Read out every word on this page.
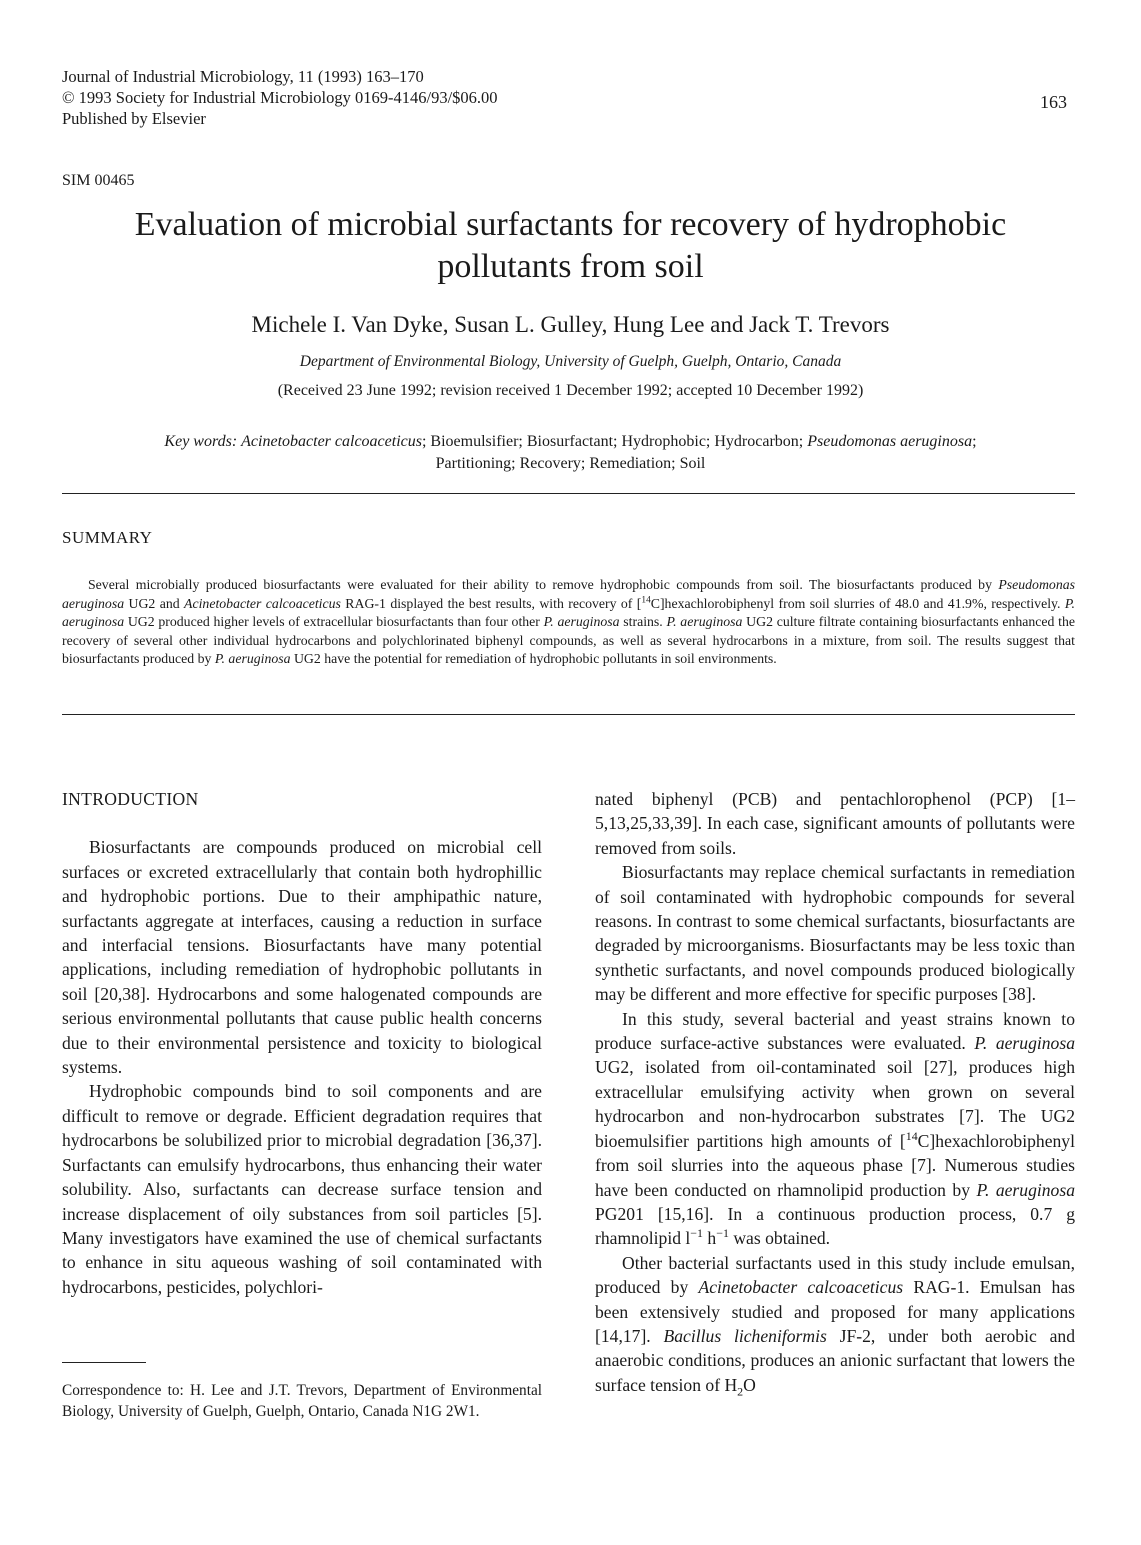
Journal of Industrial Microbiology, 11 (1993) 163–170
© 1993 Society for Industrial Microbiology 0169-4146/93/$06.00
Published by Elsevier
163
SIM 00465
Evaluation of microbial surfactants for recovery of hydrophobic
pollutants from soil
Michele I. Van Dyke, Susan L. Gulley, Hung Lee and Jack T. Trevors
Department of Environmental Biology, University of Guelph, Guelph, Ontario, Canada
(Received 23 June 1992; revision received 1 December 1992; accepted 10 December 1992)
Key words: Acinetobacter calcoaceticus; Bioemulsifier; Biosurfactant; Hydrophobic; Hydrocarbon; Pseudomonas aeruginosa;
Partitioning; Recovery; Remediation; Soil
SUMMARY
Several microbially produced biosurfactants were evaluated for their ability to remove hydrophobic compounds from soil. The biosurfactants produced by Pseudomonas aeruginosa UG2 and Acinetobacter calcoaceticus RAG-1 displayed the best results, with recovery of [$^{14}$C]hexachlorobiphenyl from soil slurries of 48.0 and 41.9%, respectively. P. aeruginosa UG2 produced higher levels of extracellular biosurfactants than four other P. aeruginosa strains. P. aeruginosa UG2 culture filtrate containing biosurfactants enhanced the recovery of several other individual hydrocarbons and polychlorinated biphenyl compounds, as well as several hydrocarbons in a mixture, from soil. The results suggest that biosurfactants produced by P. aeruginosa UG2 have the potential for remediation of hydrophobic pollutants in soil environments.
INTRODUCTION

Biosurfactants are compounds produced on microbial cell surfaces or excreted extracellularly that contain both hydrophillic and hydrophobic portions. Due to their amphipathic nature, surfactants aggregate at interfaces, causing a reduction in surface and interfacial tensions. Biosurfactants have many potential applications, including remediation of hydrophobic pollutants in soil [20,38]. Hydrocarbons and some halogenated compounds are serious environmental pollutants that cause public health concerns due to their environmental persistence and toxicity to biological systems.

Hydrophobic compounds bind to soil components and are difficult to remove or degrade. Efficient degradation requires that hydrocarbons be solubilized prior to microbial degradation [36,37]. Surfactants can emulsify hydrocarbons, thus enhancing their water solubility. Also, surfactants can decrease surface tension and increase displacement of oily substances from soil particles [5]. Many investigators have examined the use of chemical surfactants to enhance in situ aqueous washing of soil contaminated with hydrocarbons, pesticides, polychlori-

nated biphenyl (PCB) and pentachlorophenol (PCP) [1–5,13,25,33,39]. In each case, significant amounts of pollutants were removed from soils.

Biosurfactants may replace chemical surfactants in remediation of soil contaminated with hydrophobic compounds for several reasons. In contrast to some chemical surfactants, biosurfactants are degraded by microorganisms. Biosurfactants may be less toxic than synthetic surfactants, and novel compounds produced biologically may be different and more effective for specific purposes [38].

In this study, several bacterial and yeast strains known to produce surface-active substances were evaluated. P. aeruginosa UG2, isolated from oil-contaminated soil [27], produces high extracellular emulsifying activity when grown on several hydrocarbon and non-hydrocarbon substrates [7]. The UG2 bioemulsifier partitions high amounts of [$^{14}$C]hexachlorobiphenyl from soil slurries into the aqueous phase [7]. Numerous studies have been conducted on rhamnolipid production by P. aeruginosa PG201 [15,16]. In a continuous production process, 0.7 g rhamnolipid $l^{-1}$ $h^{-1}$ was obtained.

Other bacterial surfactants used in this study include emulsan, produced by Acinetobacter calcoaceticus RAG-1. Emulsan has been extensively studied and proposed for many applications [14,17]. Bacillus licheniformis JF-2, under both aerobic and anaerobic conditions, produces an anionic surfactant that lowers the surface tension of $H_2O$

Correspondence to: H. Lee and J.T. Trevors, Department of Environmental Biology, University of Guelph, Guelph, Ontario, Canada N1G 2W1.
